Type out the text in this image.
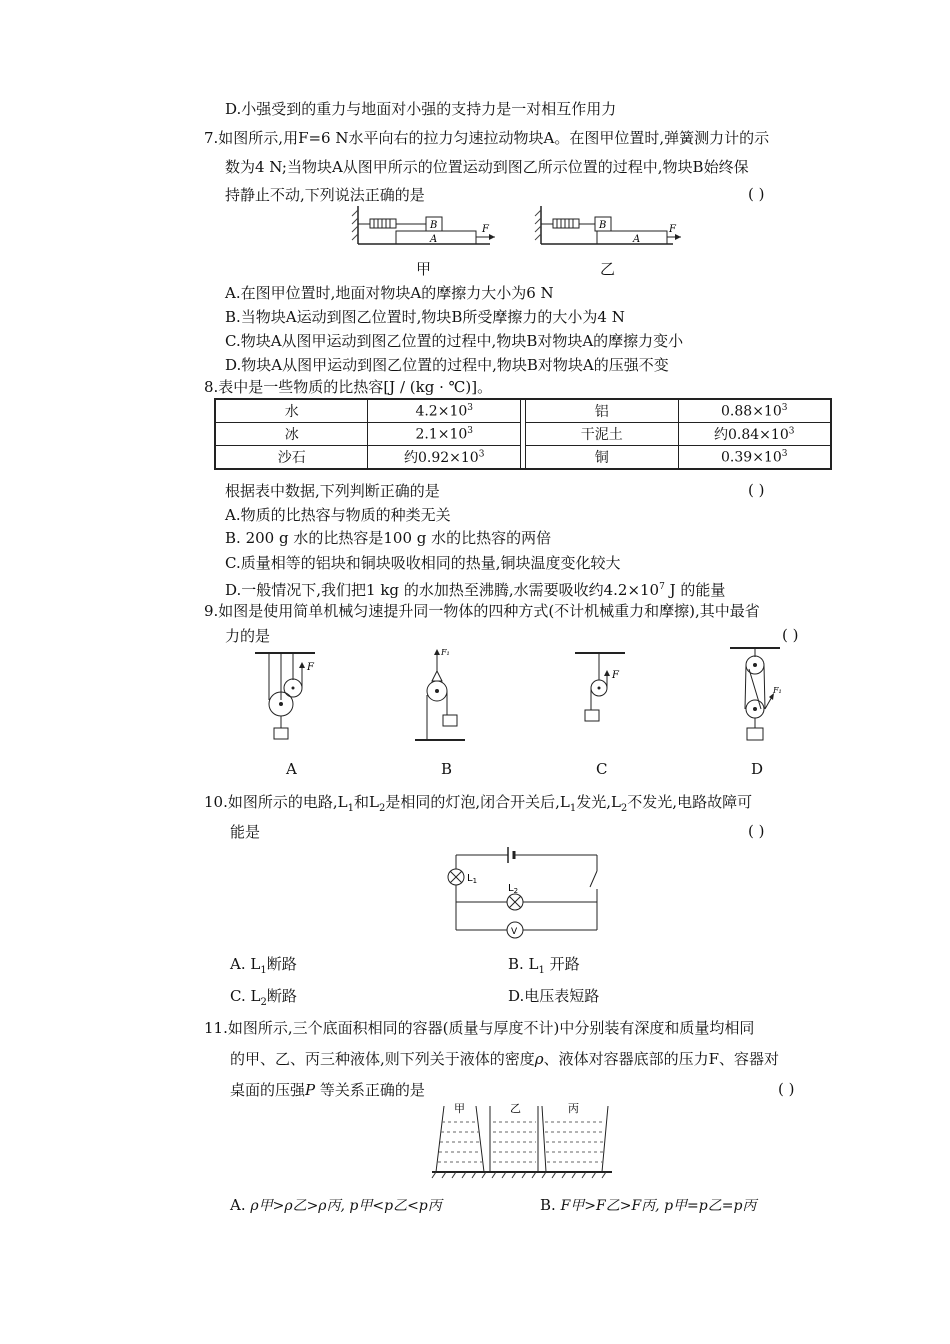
D.小强受到的重力与地面对小强的支持力是一对相互作用力
7.如图所示,用F=6 N水平向右的拉力匀速拉动物块A。在图甲位置时,弹簧测力计的示
数为4 N;当物块A从图甲所示的位置运动到图乙所示位置的过程中,物块B始终保
持静止不动,下列说法正确的是	( )
B
A
F
甲
B
A
F
乙
A.在图甲位置时,地面对物块A的摩擦力大小为6 N
B.当物块A运动到图乙位置时,物块B所受摩擦力的大小为4 N
C.物块A从图甲运动到图乙位置的过程中,物块B对物块A的摩擦力变小
D.物块A从图甲运动到图乙位置的过程中,物块B对物块A的压强不变
8.表中是一些物质的比热容[J / (kg · ℃)]。
水	$4.2\times 10^3$		铝	$0.88\times 10^3$
冰	$2.1\times 10^3$		干泥土	约$0.84\times 10^3$
沙石	约$0.92\times 10^3$		铜	$0.39\times 10^3$
根据表中数据,下列判断正确的是	( )
A.物质的比热容与物质的种类无关
B. 200 g 水的比热容是100 g 水的比热容的两倍
C.质量相等的铝块和铜块吸收相同的热量,铜块温度变化较大
D.一般情况下,我们把1 kg 的水加热至沸腾,水需要吸收约$4.2\times 10^7$ J 的能量
9.如图是使用简单机械匀速提升同一物体的四种方式(不计机械重力和摩擦),其中最省
力的是	( )
F
A
F₁
B
F
C
F₁
D
10.如图所示的电路$,L_1$和$L_2$是相同的灯泡,闭合开关后$,L_1$发光$,L_2$不发光,电路故障可
能是	( )
$L_1$
$L_2$
V
A. $L_1$断路	B. $L_1$ 开路
C. $L_2$断路	D.电压表短路
11.如图所示,三个底面积相同的容器(质量与厚度不计)中分别装有深度和质量均相同
的甲、乙、丙三种液体,则下列关于液体的密度ρ、液体对容器底部的压力F、容器对
桌面的压强P 等关系正确的是	( )
甲	乙	丙
A. ρ甲>ρ乙>ρ丙, p甲<p乙<p丙	B. F甲>F乙>F丙, p甲=p乙=p丙
